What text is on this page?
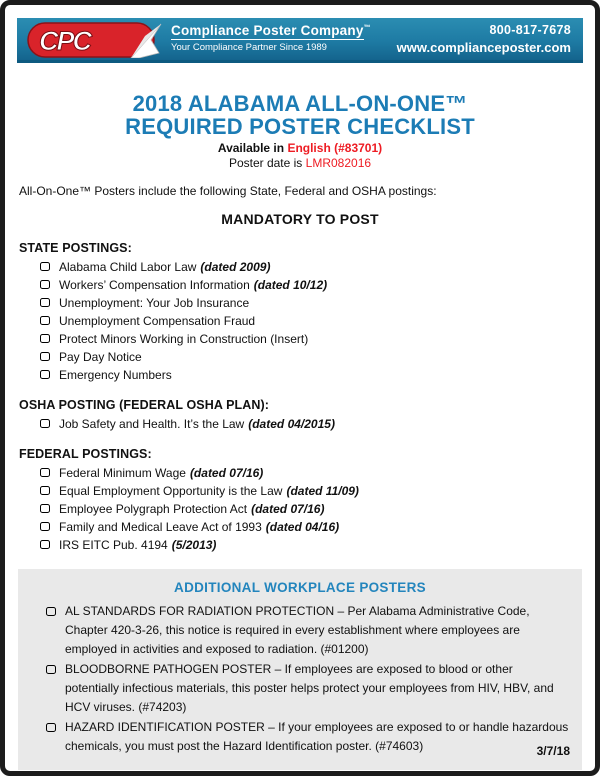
CPC	Compliance Poster Company™
Your Compliance Partner Since 1989
800-817-7678
www.complianceposter.com
2018 ALABAMA ALL-ON-ONE™
REQUIRED POSTER CHECKLIST
Available in English (#83701)
Poster date is LMR082016

All-On-One™ Posters include the following State, Federal and OSHA postings:

MANDATORY TO POST

STATE POSTINGS:
Alabama Child Labor Law (dated 2009)
Workers’ Compensation Information (dated 10/12)
Unemployment: Your Job Insurance
Unemployment Compensation Fraud
Protect Minors Working in Construction (Insert)
Pay Day Notice
Emergency Numbers
OSHA POSTING (FEDERAL OSHA PLAN):
Job Safety and Health. It’s the Law (dated 04/2015)
FEDERAL POSTINGS:
Federal Minimum Wage (dated 07/16)
Equal Employment Opportunity is the Law (dated 11/09)
Employee Polygraph Protection Act (dated 07/16)
Family and Medical Leave Act of 1993 (dated 04/16)
IRS EITC Pub. 4194 (5/2013)
ADDITIONAL WORKPLACE POSTERS
AL STANDARDS FOR RADIATION PROTECTION – Per Alabama Administrative Code, Chapter 420-3-26, this notice is required in every establishment where employees are employed in activities and exposed to radiation. (#01200)
BLOODBORNE PATHOGEN POSTER – If employees are exposed to blood or other potentially infectious materials, this poster helps protect your employees from HIV, HBV, and HCV viruses. (#74203)
HAZARD IDENTIFICATION POSTER – If your employees are exposed to or handle hazardous chemicals, you must post the Hazard Identification poster. (#74603)	3/7/18
